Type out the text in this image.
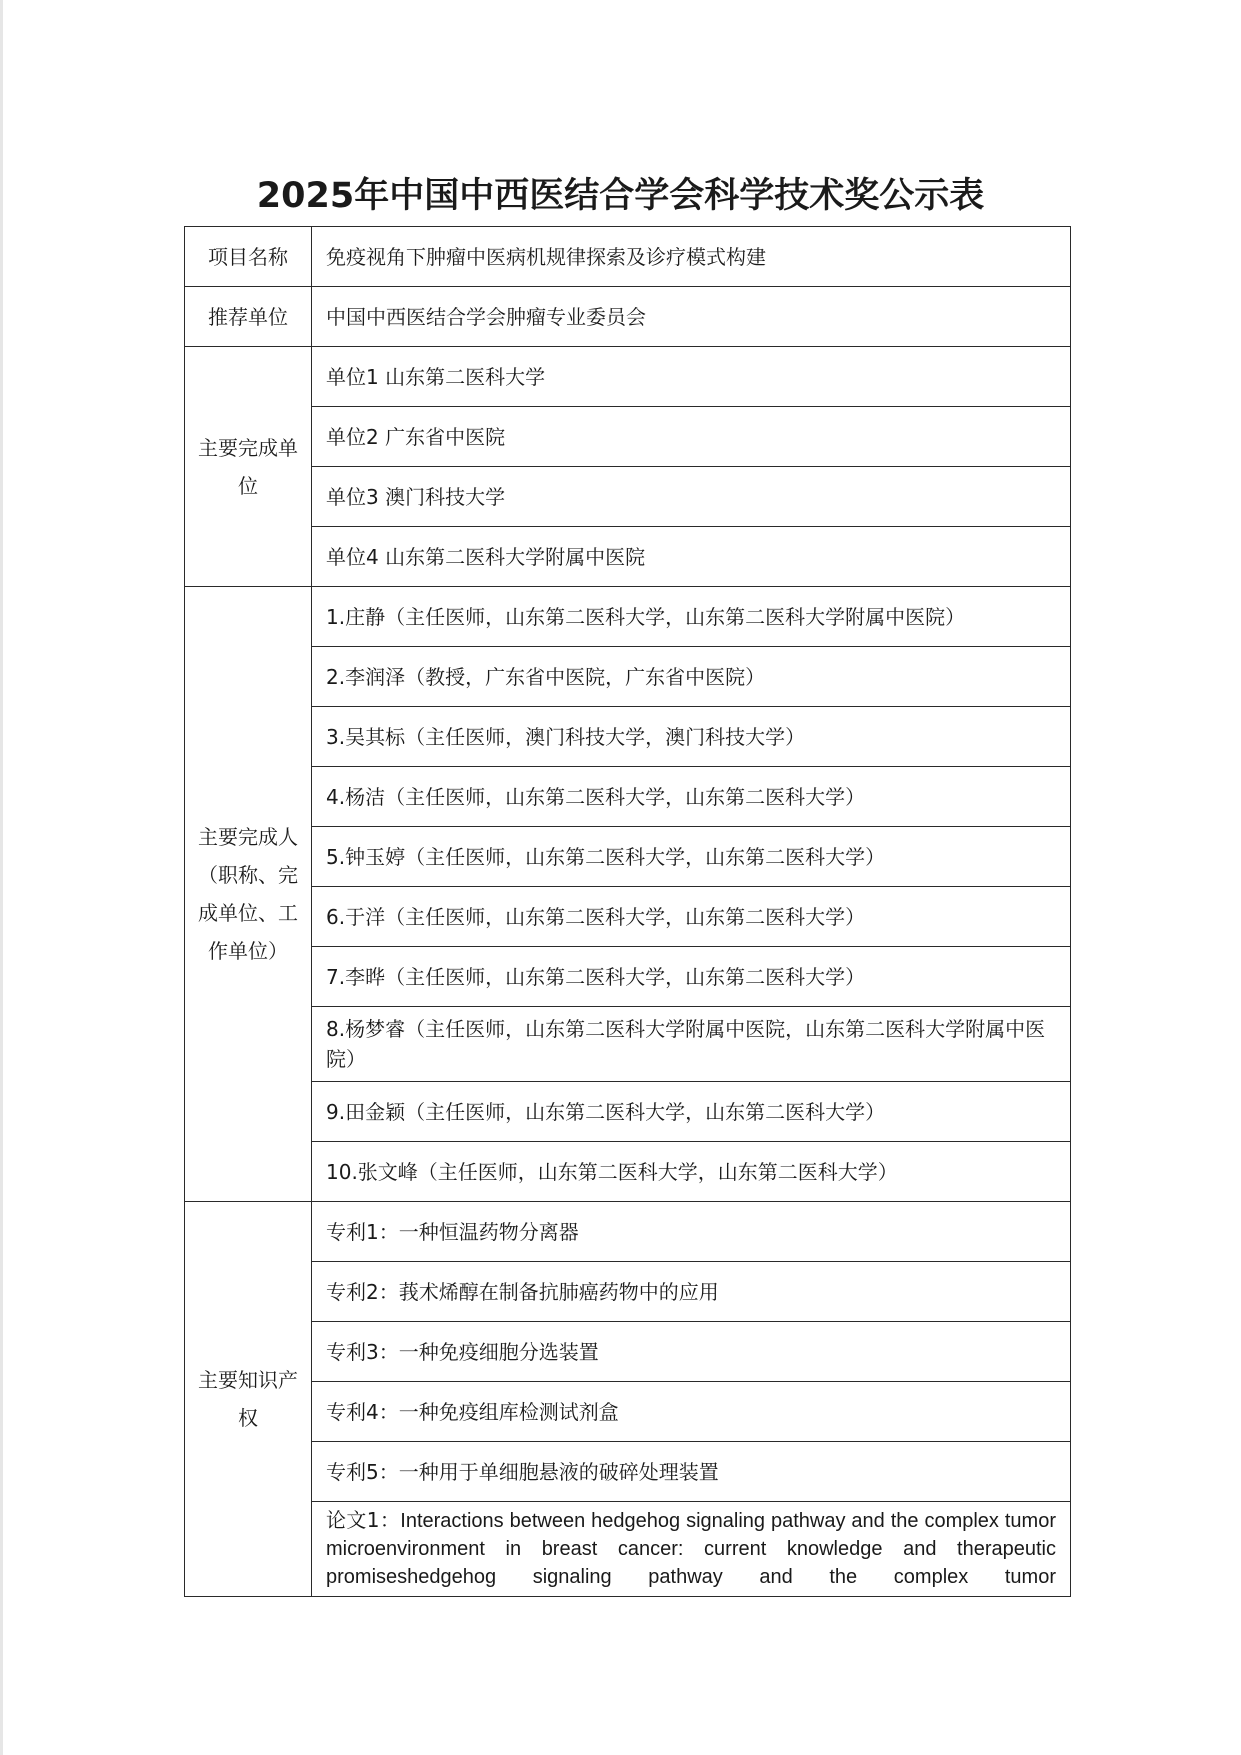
2025年中国中西医结合学会科学技术奖公示表
项目名称	免疫视角下肿瘤中医病机规律探索及诊疗模式构建
推荐单位	中国中西医结合学会肿瘤专业委员会
主要完成单位	单位1 山东第二医科大学
	单位2 广东省中医院
	单位3 澳门科技大学
	单位4 山东第二医科大学附属中医院
主要完成人（职称、完成单位、工作单位）	1.庄静（主任医师，山东第二医科大学，山东第二医科大学附属中医院）
	2.李润泽（教授，广东省中医院，广东省中医院）
	3.吴其标（主任医师，澳门科技大学，澳门科技大学）
	4.杨洁（主任医师，山东第二医科大学，山东第二医科大学）
	5.钟玉婷（主任医师，山东第二医科大学，山东第二医科大学）
	6.于洋（主任医师，山东第二医科大学，山东第二医科大学）
	7.李晔（主任医师，山东第二医科大学，山东第二医科大学）
	8.杨梦睿（主任医师，山东第二医科大学附属中医院，山东第二医科大学附属中医院）
	9.田金颖（主任医师，山东第二医科大学，山东第二医科大学）
	10.张文峰（主任医师，山东第二医科大学，山东第二医科大学）
主要知识产权	专利1：一种恒温药物分离器
	专利2：莪术烯醇在制备抗肺癌药物中的应用
	专利3：一种免疫细胞分选装置
	专利4：一种免疫组库检测试剂盒
	专利5：一种用于单细胞悬液的破碎处理装置

	论文1：Interactions between hedgehog signaling pathway and the complex tumor microenvironment in breast cancer: current knowledge and therapeutic promiseshedgehog signaling pathway and the complex tumor
